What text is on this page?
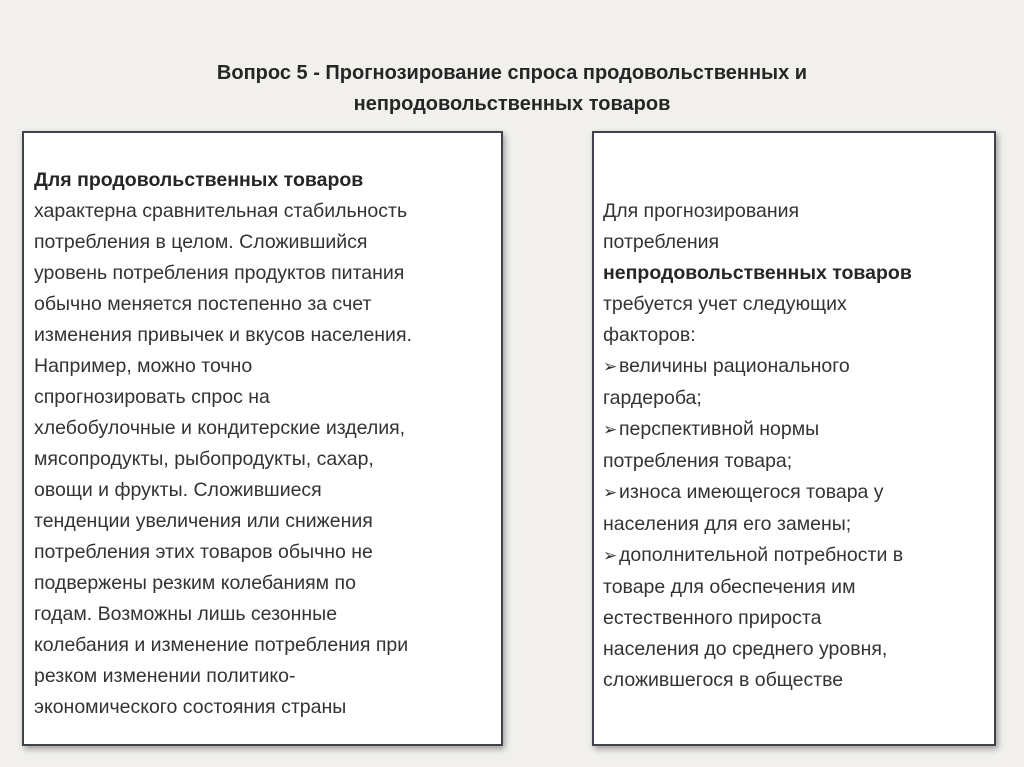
Вопрос 5 - Прогнозирование спроса продовольственных и
непродовольственных товаров
Для продовольственных товаров
характерна сравнительная стабильность
потребления в целом. Сложившийся
уровень потребления продуктов питания
обычно меняется постепенно за счет
изменения привычек и вкусов населения.
Например, можно точно
спрогнозировать спрос на
хлебобулочные и кондитерские изделия,
мясопродукты, рыбопродукты, сахар,
овощи и фрукты. Сложившиеся
тенденции увеличения или снижения
потребления этих товаров обычно не
подвержены резким колебаниям по
годам. Возможны лишь сезонные
колебания и изменение потребления при
резком изменении политико-
экономического состояния страны
Для прогнозирования
потребления
непродовольственных товаров
требуется учет следующих
факторов:
➢величины рационального
гардероба;
➢перспективной нормы
потребления товара;
➢износа имеющегося товара у
населения для его замены;
➢дополнительной потребности в
товаре для обеспечения им
естественного прироста
населения до среднего уровня,
сложившегося в обществе
